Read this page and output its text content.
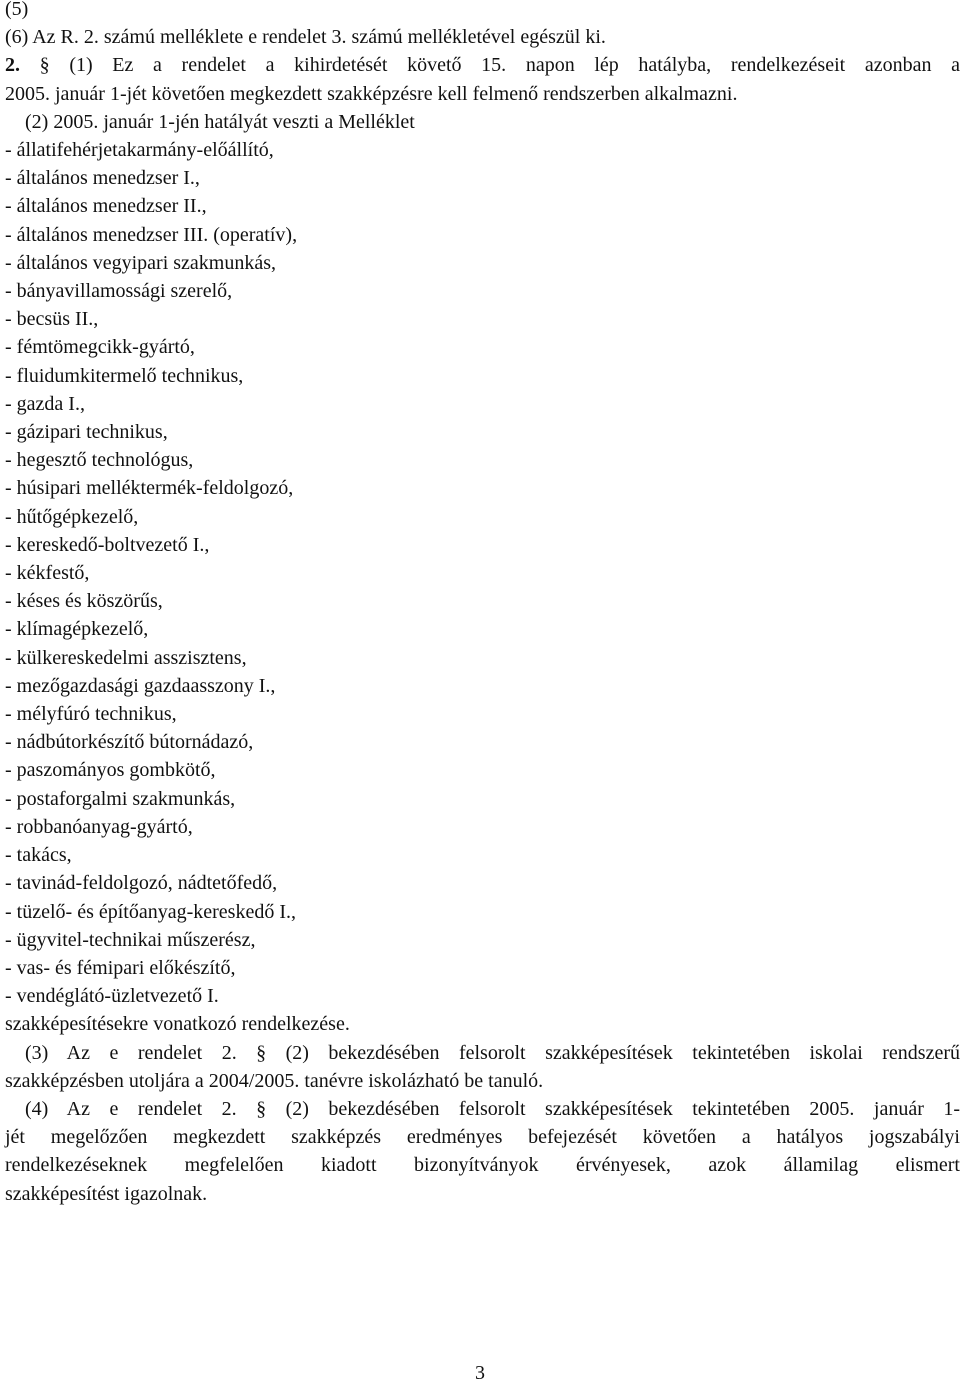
(5)
(6) Az R. 2. számú melléklete e rendelet 3. számú mellékletével egészül ki.
2. § (1) Ez a rendelet a kihirdetését követő 15. napon lép hatályba, rendelkezéseit azonban a
2005. január 1-jét követően megkezdett szakképzésre kell felmenő rendszerben alkalmazni.
(2) 2005. január 1-jén hatályát veszti a Melléklet
- állatifehérjetakarmány-előállító,
- általános menedzser I.,
- általános menedzser II.,
- általános menedzser III. (operatív),
- általános vegyipari szakmunkás,
- bányavillamossági szerelő,
- becsüs II.,
- fémtömegcikk-gyártó,
- fluidumkitermelő technikus,
- gazda I.,
- gázipari technikus,
- hegesztő technológus,
- húsipari melléktermék-feldolgozó,
- hűtőgépkezelő,
- kereskedő-boltvezető I.,
- kékfestő,
- késes és köszörűs,
- klímagépkezelő,
- külkereskedelmi asszisztens,
- mezőgazdasági gazdaasszony I.,
- mélyfúró technikus,
- nádbútorkészítő bútornádazó,
- paszományos gombkötő,
- postaforgalmi szakmunkás,
- robbanóanyag-gyártó,
- takács,
- tavinád-feldolgozó, nádtetőfedő,
- tüzelő- és építőanyag-kereskedő I.,
- ügyvitel-technikai műszerész,
- vas- és fémipari előkészítő,
- vendéglátó-üzletvezető I.
szakképesítésekre vonatkozó rendelkezése.
(3) Az e rendelet 2. § (2) bekezdésében felsorolt szakképesítések tekintetében iskolai rendszerű
szakképzésben utoljára a 2004/2005. tanévre iskolázható be tanuló.
(4) Az e rendelet 2. § (2) bekezdésében felsorolt szakképesítések tekintetében 2005. január 1-
jét megelőzően megkezdett szakképzés eredményes befejezését követően a hatályos jogszabályi
rendelkezéseknek megfelelően kiadott bizonyítványok érvényesek, azok államilag elismert
szakképesítést igazolnak.
3
